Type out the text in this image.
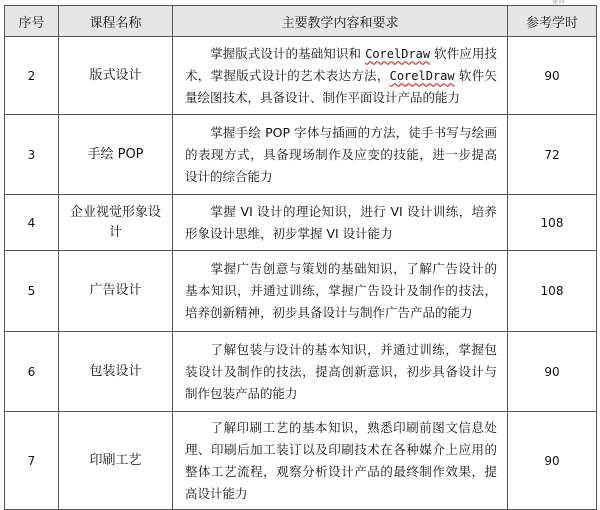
课时
序号	课程名称	主要教学内容和要求	参考学时
2	版式设计	掌握版式设计的基础知识和 CorelDraw 软件应用技术，掌握版式设计的艺术表达方法，CorelDraw 软件矢量绘图技术，具备设计、制作平面设计产品的能力	90
3	手绘 POP	掌握手绘 POP 字体与插画的方法，徒手书写与绘画的表现方式，具备现场制作及应变的技能，进一步提高设计的综合能力	72
4	企业视觉形象设计	掌握 VI 设计的理论知识，进行 VI 设计训练，培养形象设计思维，初步掌握 VI 设计能力	108
5	广告设计	掌握广告创意与策划的基础知识，了解广告设计的基本知识，并通过训练，掌握广告设计及制作的技法，培养创新精神，初步具备设计与制作广告产品的能力	108
6	包装设计	了解包装与设计的基本知识，并通过训练，掌握包装设计及制作的技法，提高创新意识，初步具备设计与制作包装产品的能力	90
7	印刷工艺	了解印刷工艺的基本知识，熟悉印刷前图文信息处理、印刷后加工装订以及印刷技术在各种媒介上应用的整体工艺流程，观察分析设计产品的最终制作效果，提高设计能力	90
